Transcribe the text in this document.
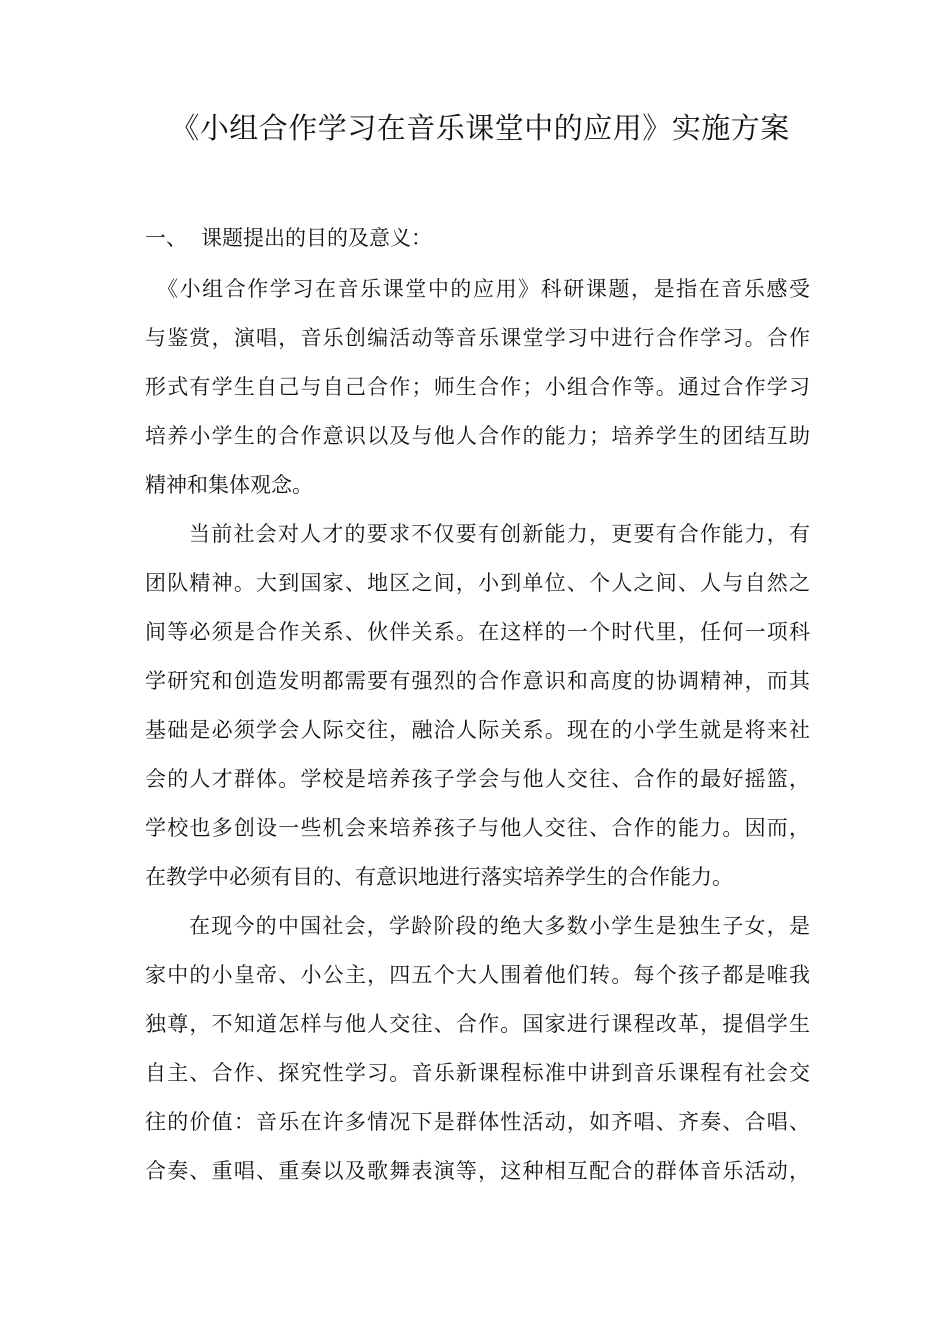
《小组合作学习在音乐课堂中的应用》实施方案
一、 课题提出的目的及意义：
《小组合作学习在音乐课堂中的应用》科研课题，是指在音乐感受
与鉴赏，演唱，音乐创编活动等音乐课堂学习中进行合作学习。合作
形式有学生自己与自己合作；师生合作；小组合作等。通过合作学习
培养小学生的合作意识以及与他人合作的能力；培养学生的团结互助
精神和集体观念。
当前社会对人才的要求不仅要有创新能力，更要有合作能力，有
团队精神。大到国家、地区之间，小到单位、个人之间、人与自然之
间等必须是合作关系、伙伴关系。在这样的一个时代里，任何一项科
学研究和创造发明都需要有强烈的合作意识和高度的协调精神，而其
基础是必须学会人际交往，融洽人际关系。现在的小学生就是将来社
会的人才群体。学校是培养孩子学会与他人交往、合作的最好摇篮，
学校也多创设一些机会来培养孩子与他人交往、合作的能力。因而，
在教学中必须有目的、有意识地进行落实培养学生的合作能力。
在现今的中国社会，学龄阶段的绝大多数小学生是独生子女，是
家中的小皇帝、小公主，四五个大人围着他们转。每个孩子都是唯我
独尊，不知道怎样与他人交往、合作。国家进行课程改革，提倡学生
自主、合作、探究性学习。音乐新课程标准中讲到音乐课程有社会交
往的价值：音乐在许多情况下是群体性活动，如齐唱、齐奏、合唱、
合奏、重唱、重奏以及歌舞表演等，这种相互配合的群体音乐活动，
